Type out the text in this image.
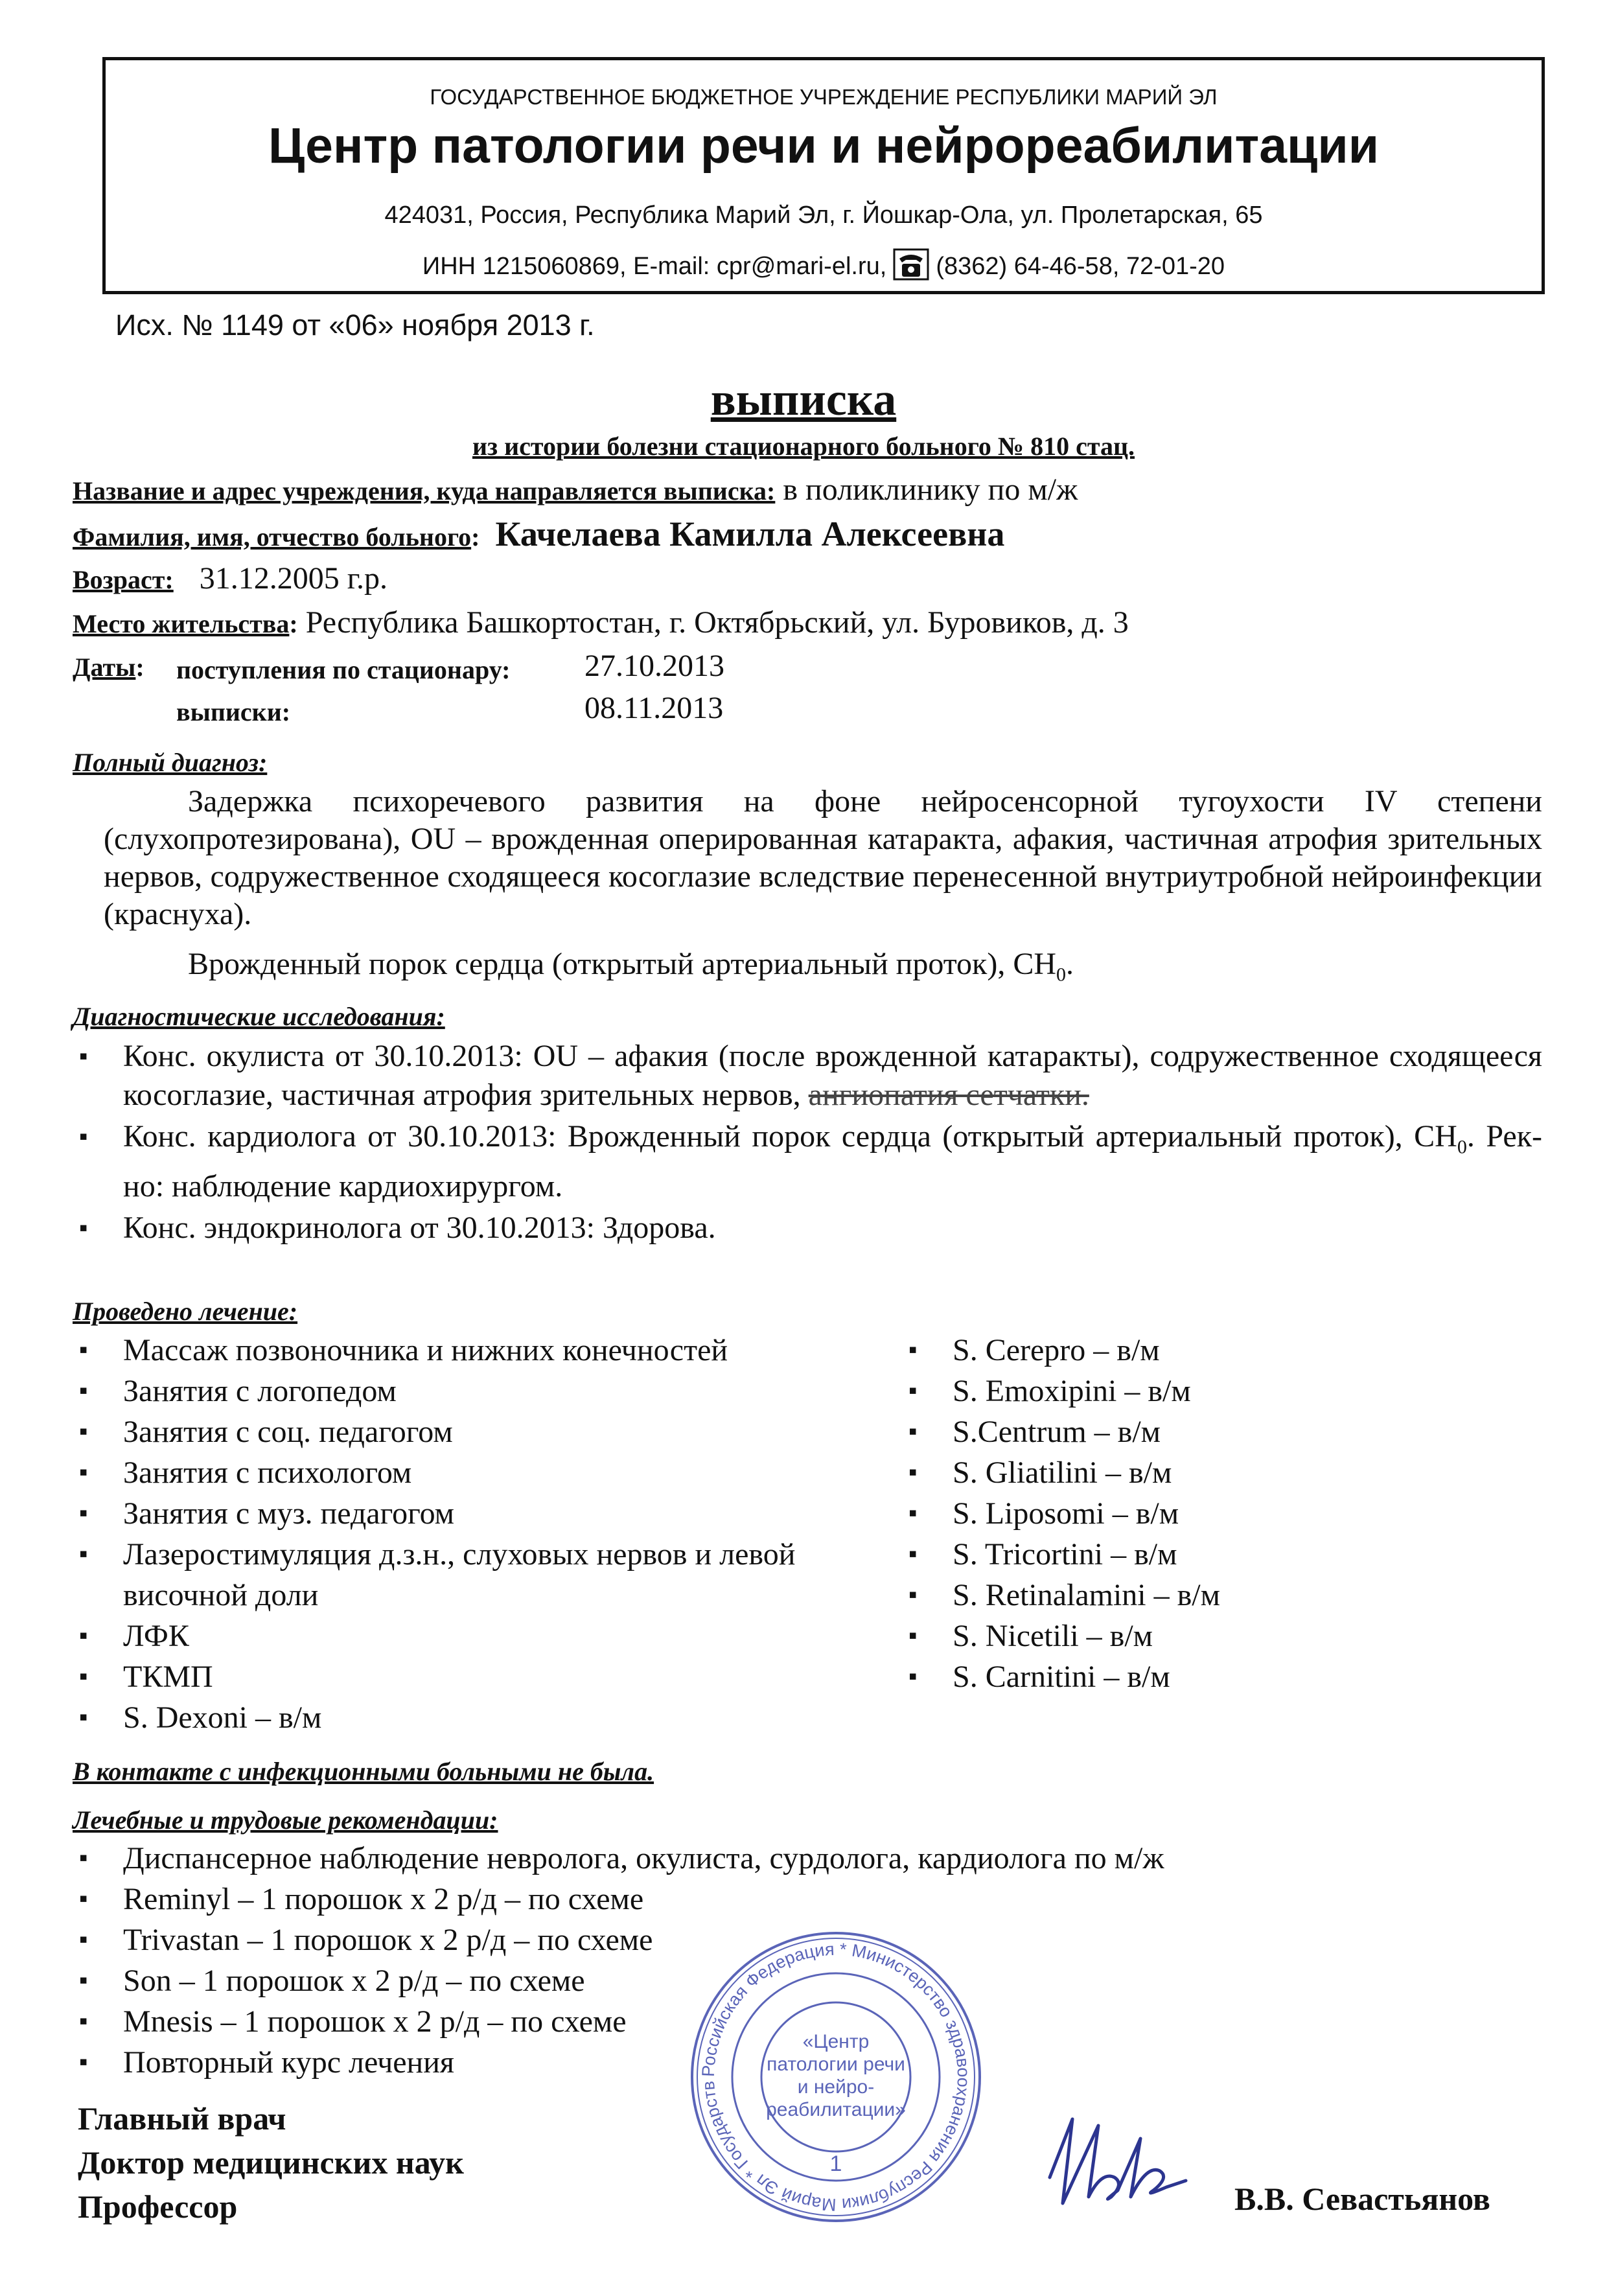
ГОСУДАРСТВЕННОЕ БЮДЖЕТНОЕ УЧРЕЖДЕНИЕ РЕСПУБЛИКИ МАРИЙ ЭЛ
Центр патологии речи и нейрореабилитации
424031, Россия, Республика Марий Эл, г. Йошкар-Ола, ул. Пролетарская, 65
ИНН 1215060869, E-mail: cpr@mari-el.ru, (8362) 64-46-58, 72-01-20
Исх. № 1149 от «06» ноября 2013 г.
выписка
из истории болезни стационарного больного № 810 стац.
Название и адрес учреждения, куда направляется выписка: в поликлинику по м/ж
Фамилия, имя, отчество больного: Качелаева Камилла Алексеевна
Возраст: 31.12.2005 г.р.
Место жительства: Республика Башкортостан, г. Октябрьский, ул. Буровиков, д. 3
Даты: поступления по стационару: 27.10.2013
выписки:	08.11.2013
Полный диагноз:
Задержка психоречевого развития на фоне нейросенсорной тугоухости IV степени (слухопротезирована), OU – врожденная оперированная катаракта, афакия, частичная атрофия зрительных нервов, содружественное сходящееся косоглазие вследствие перенесенной внутриутробной нейроинфекции (краснуха).
Врожденный порок сердца (открытый артериальный проток), $СН_0$.
Диагностические исследования:
▪ Конс. окулиста от 30.10.2013: OU – афакия (после врожденной катаракты), содружественное сходящееся косоглазие, частичная атрофия зрительных нервов, ангиопатия сетчатки.
▪ Конс. кардиолога от 30.10.2013: Врожденный порок сердца (открытый артериальный проток), $СН_0$. Рек-но: наблюдение кардиохирургом.
▪ Конс. эндокринолога от 30.10.2013: Здорова.
Проведено лечение:
▪ Массаж позвоночника и нижних конечностей
▪ Занятия с логопедом
▪ Занятия с соц. педагогом
▪ Занятия с психологом
▪ Занятия с муз. педагогом
▪ Лазеростимуляция д.з.н., слуховых нервов и левой височной доли
▪ ЛФК
▪ ТКМП
▪ S. Dexoni – в/м
▪ S. Cerepro – в/м
▪ S. Emoxipini – в/м
▪ S.Centrum – в/м
▪ S. Gliatilini – в/м
▪ S. Liposomi – в/м
▪ S. Tricortini – в/м
▪ S. Retinalamini – в/м
▪ S. Nicetili – в/м
▪ S. Carnitini – в/м
В контакте с инфекционными больными не была.
Лечебные и трудовые рекомендации:
▪ Диспансерное наблюдение невролога, окулиста, сурдолога, кардиолога по м/ж
▪ Reminyl – 1 порошок х 2 р/д – по схеме
▪ Trivastan – 1 порошок х 2 р/д – по схеме
▪ Son – 1 порошок х 2 р/д – по схеме
▪ Mnesis – 1 порошок х 2 р/д – по схеме
▪ Повторный курс лечения
Главный врач
Доктор медицинских наук
Профессор	В.В. Севастьянов
Российская Федерация * Министерство здравоохранения Республики Марий Эл * Государств
«Центр
патологии речи
и нейро-
реабилитации»
1
